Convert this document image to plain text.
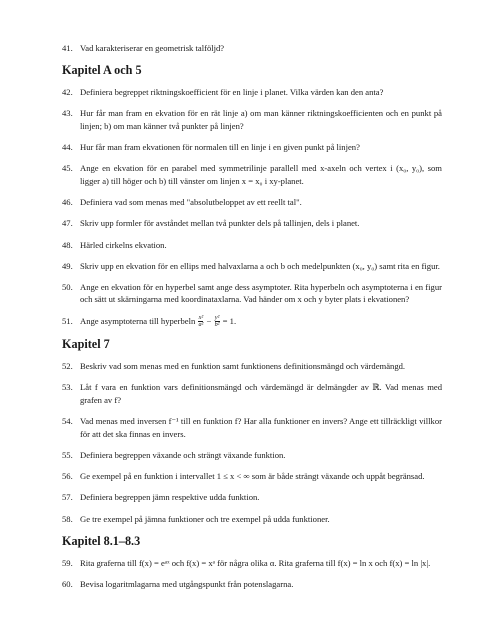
41. Vad karakteriserar en geometrisk talföljd?
Kapitel A och 5
42. Definiera begreppet riktningskoefficient för en linje i planet. Vilka värden kan den anta?
43. Hur får man fram en ekvation för en rät linje a) om man känner riktningskoefficienten och en punkt på linjen; b) om man känner två punkter på linjen?
44. Hur får man fram ekvationen för normalen till en linje i en given punkt på linjen?
45. Ange en ekvation för en parabel med symmetrilinje parallell med x-axeln och vertex i (x₀, y₀), som ligger a) till höger och b) till vänster om linjen x = x₀ i xy-planet.
46. Definiera vad som menas med "absolutbeloppet av ett reellt tal".
47. Skriv upp formler för avståndet mellan två punkter dels på tallinjen, dels i planet.
48. Härled cirkelns ekvation.
49. Skriv upp en ekvation för en ellips med halvaxlarna a och b och medelpunkten (x₀, y₀) samt rita en figur.
50. Ange en ekvation för en hyperbel samt ange dess asymptoter. Rita hyperbeln och asymptoterna i en figur och sätt ut skärningarna med koordinataxlarna. Vad händer om x och y byter plats i ekvationen?
51. Ange asymptoterna till hyperbeln $\frac{\text{x²}}{\text{a²}} - \frac{\text{y²}}{\text{b²}} = 1$.
Kapitel 7
52. Beskriv vad som menas med en funktion samt funktionens definitionsmängd och värdemängd.
53. Låt f vara en funktion vars definitionsmängd och värdemängd är delmängder av ℝ. Vad menas med grafen av f?
54. Vad menas med inversen f⁻¹ till en funktion f? Har alla funktioner en invers? Ange ett tillräckligt villkor för att det ska finnas en invers.
55. Definiera begreppen växande och strängt växande funktion.
56. Ge exempel på en funktion i intervallet 1 ≤ x < ∞ som är både strängt växande och uppåt begränsad.
57. Definiera begreppen jämn respektive udda funktion.
58. Ge tre exempel på jämna funktioner och tre exempel på udda funktioner.
Kapitel 8.1–8.3
59. Rita graferna till f(x) = eᵃˣ och f(x) = xᵃ för några olika α. Rita graferna till f(x) = ln x och f(x) = ln |x|.
60. Bevisa logaritmlagarna med utgångspunkt från potenslagarna.
